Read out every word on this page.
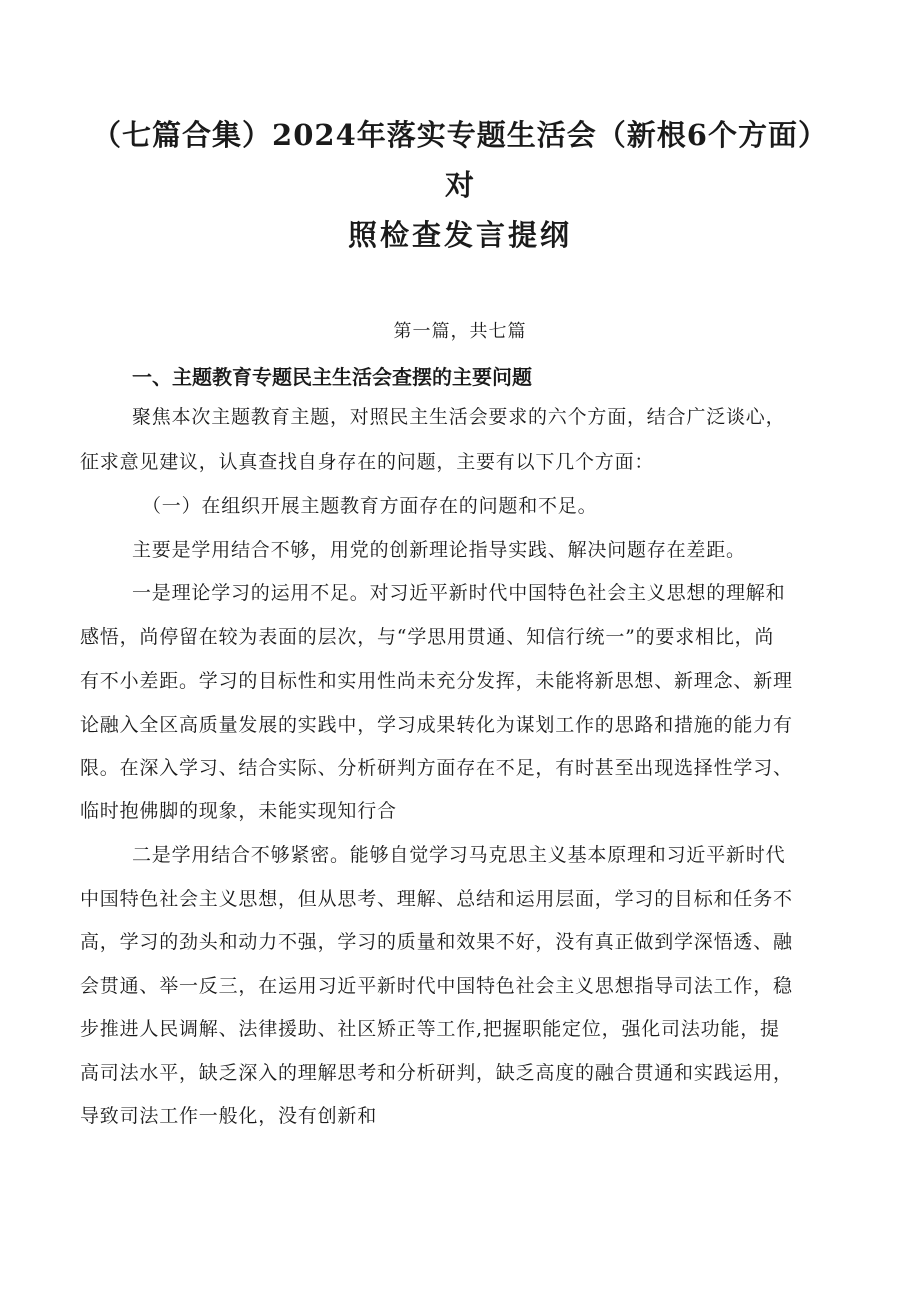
（七篇合集）2024年落实专题生活会（新根6个方面）
对
照检查发言提纲
第一篇，共七篇
一、主题教育专题民主生活会查摆的主要问题
聚焦本次主题教育主题，对照民主生活会要求的六个方面，结合广泛谈心，
征求意见建议，认真查找自身存在的问题，主要有以下几个方面：
（一）在组织开展主题教育方面存在的问题和不足。
主要是学用结合不够，用党的创新理论指导实践、解决问题存在差距。
一是理论学习的运用不足。对习近平新时代中国特色社会主义思想的理解和
感悟，尚停留在较为表面的层次，与“学思用贯通、知信行统一”的要求相比，尚
有不小差距。学习的目标性和实用性尚未充分发挥，未能将新思想、新理念、新理
论融入全区高质量发展的实践中，学习成果转化为谋划工作的思路和措施的能力有
限。在深入学习、结合实际、分析研判方面存在不足，有时甚至出现选择性学习、
临时抱佛脚的现象，未能实现知行合
二是学用结合不够紧密。能够自觉学习马克思主义基本原理和习近平新时代
中国特色社会主义思想，但从思考、理解、总结和运用层面，学习的目标和任务不
高，学习的劲头和动力不强，学习的质量和效果不好，没有真正做到学深悟透、融
会贯通、举一反三，在运用习近平新时代中国特色社会主义思想指导司法工作，稳
步推进人民调解、法律援助、社区矫正等工作,把握职能定位，强化司法功能，提
高司法水平，缺乏深入的理解思考和分析研判，缺乏高度的融合贯通和实践运用，
导致司法工作一般化，没有创新和
